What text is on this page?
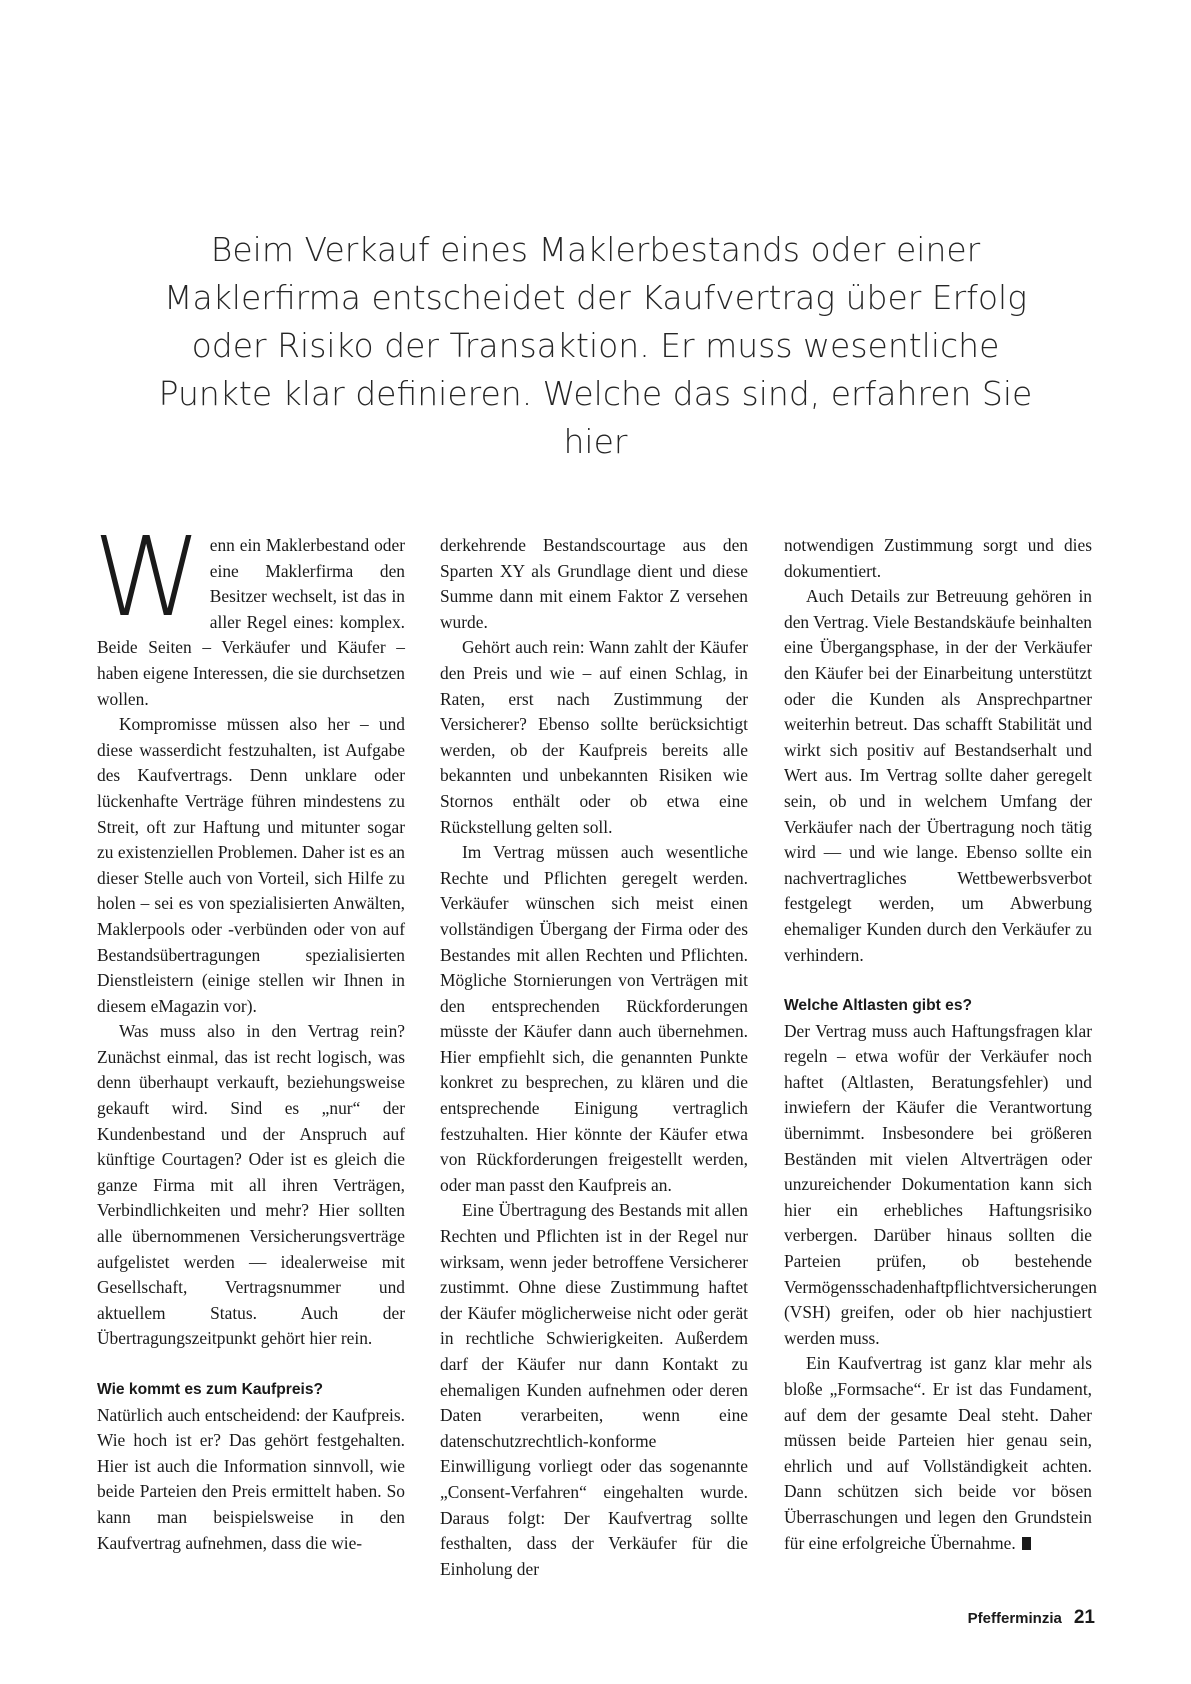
Beim Verkauf eines Maklerbestands oder einer Maklerfirma entscheidet der Kaufvertrag über Erfolg oder Risiko der Transaktion. Er muss wesentliche Punkte klar definieren. Welche das sind, erfahren Sie hier

Wenn ein Maklerbestand oder eine Maklerfirma den Besitzer wechselt, ist das in aller Regel eines: komplex. Beide Seiten – Verkäufer und Käufer – haben eigene Interessen, die sie durchsetzen wollen.

Kompromisse müssen also her – und diese wasserdicht festzuhalten, ist Aufgabe des Kaufvertrags. Denn unklare oder lückenhafte Verträge führen mindestens zu Streit, oft zur Haftung und mitunter sogar zu existenziellen Problemen. Daher ist es an dieser Stelle auch von Vorteil, sich Hilfe zu holen – sei es von spezialisierten Anwälten, Maklerpools oder -verbünden oder von auf Bestandsübertragungen spezialisierten Dienstleistern (einige stellen wir Ihnen in diesem eMagazin vor).

Was muss also in den Vertrag rein? Zunächst einmal, das ist recht logisch, was denn überhaupt verkauft, beziehungsweise gekauft wird. Sind es „nur“ der Kundenbestand und der Anspruch auf künftige Courtagen? Oder ist es gleich die ganze Firma mit all ihren Verträgen, Verbindlichkeiten und mehr? Hier sollten alle übernommenen Versicherungsverträge aufgelistet werden — idealerweise mit Gesellschaft, Vertragsnummer und aktuellem Status. Auch der Übertragungszeitpunkt gehört hier rein.

Wie kommt es zum Kaufpreis?

Natürlich auch entscheidend: der Kaufpreis. Wie hoch ist er? Das gehört festgehalten. Hier ist auch die Information sinnvoll, wie beide Parteien den Preis ermittelt haben. So kann man beispielsweise in den Kaufvertrag aufnehmen, dass die wie-

derkehrende Bestandscourtage aus den Sparten XY als Grundlage dient und diese Summe dann mit einem Faktor Z versehen wurde.

Gehört auch rein: Wann zahlt der Käufer den Preis und wie – auf einen Schlag, in Raten, erst nach Zustimmung der Versicherer? Ebenso sollte berücksichtigt werden, ob der Kaufpreis bereits alle bekannten und unbekannten Risiken wie Stornos enthält oder ob etwa eine Rückstellung gelten soll.

Im Vertrag müssen auch wesentliche Rechte und Pflichten geregelt werden. Verkäufer wünschen sich meist einen vollständigen Übergang der Firma oder des Bestandes mit allen Rechten und Pflichten. Mögliche Stornierungen von Verträgen mit den entsprechenden Rückforderungen müsste der Käufer dann auch übernehmen. Hier empfiehlt sich, die genannten Punkte konkret zu besprechen, zu klären und die entsprechende Einigung vertraglich festzuhalten. Hier könnte der Käufer etwa von Rückforderungen freigestellt werden, oder man passt den Kaufpreis an.

Eine Übertragung des Bestands mit allen Rechten und Pflichten ist in der Regel nur wirksam, wenn jeder betroffene Versicherer zustimmt. Ohne diese Zustimmung haftet der Käufer möglicherweise nicht oder gerät in rechtliche Schwierigkeiten. Außerdem darf der Käufer nur dann Kontakt zu ehemaligen Kunden aufnehmen oder deren Daten verarbeiten, wenn eine datenschutzrechtlich-konforme Einwilligung vorliegt oder das sogenannte „Consent-Verfahren“ eingehalten wurde. Daraus folgt: Der Kaufvertrag sollte festhalten, dass der Verkäufer für die Einholung der

notwendigen Zustimmung sorgt und dies dokumentiert.

Auch Details zur Betreuung gehören in den Vertrag. Viele Bestandskäufe beinhalten eine Übergangsphase, in der der Verkäufer den Käufer bei der Einarbeitung unterstützt oder die Kunden als Ansprechpartner weiterhin betreut. Das schafft Stabilität und wirkt sich positiv auf Bestandserhalt und Wert aus. Im Vertrag sollte daher geregelt sein, ob und in welchem Umfang der Verkäufer nach der Übertragung noch tätig wird — und wie lange. Ebenso sollte ein nachvertragliches Wettbewerbsverbot festgelegt werden, um Abwerbung ehemaliger Kunden durch den Verkäufer zu verhindern.

Welche Altlasten gibt es?

Der Vertrag muss auch Haftungsfragen klar regeln – etwa wofür der Verkäufer noch haftet (Altlasten, Beratungsfehler) und inwiefern der Käufer die Verantwortung übernimmt. Insbesondere bei größeren Beständen mit vielen Altverträgen oder unzureichender Dokumentation kann sich hier ein erhebliches Haftungsrisiko verbergen. Darüber hinaus sollten die Parteien prüfen, ob bestehende Vermögensschadenhaftpflichtversicherungen (VSH) greifen, oder ob hier nachjustiert werden muss.

Ein Kaufvertrag ist ganz klar mehr als bloße „Formsache“. Er ist das Fundament, auf dem der gesamte Deal steht. Daher müssen beide Parteien hier genau sein, ehrlich und auf Vollständigkeit achten. Dann schützen sich beide vor bösen Überraschungen und legen den Grundstein für eine erfolgreiche Übernahme.

Pfefferminzia 21
